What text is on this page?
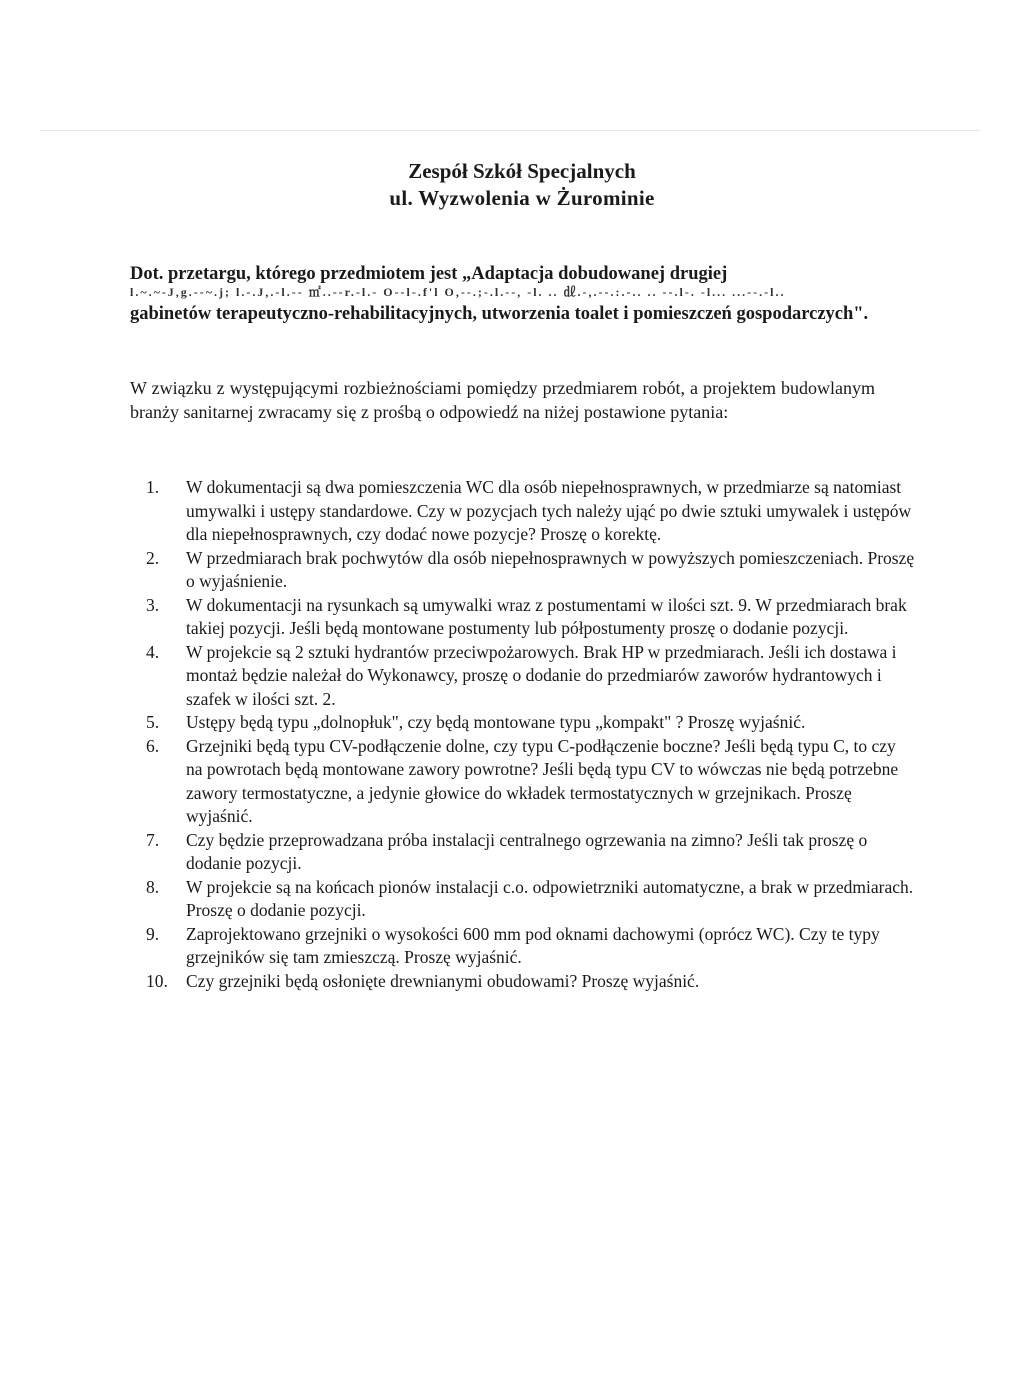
Zespół Szkół Specjalnych
ul. Wyzwolenia w Żurominie
Dot. przetargu, którego przedmiotem jest „Adaptacja dobudowanej drugiej
l.~.~-J,g.--~.j; l.-.J,.-l.-- ㎡..--r.-l.- O--l-.f'l O,--.;-.l.--, -l. .. ㎗.-,.--.:.-.. .. --.l-. -l... ...--.-l..
gabinetów terapeutyczno-rehabilitacyjnych, utworzenia toalet i pomieszczeń gospodarczych".
W związku z występującymi rozbieżnościami pomiędzy przedmiarem robót, a projektem budowlanym branży sanitarnej zwracamy się z prośbą o odpowiedź na niżej postawione pytania:
1.	W dokumentacji są dwa pomieszczenia WC dla osób niepełnosprawnych, w przedmiarze są natomiast umywalki i ustępy standardowe. Czy w pozycjach tych należy ująć po dwie sztuki umywalek i ustępów dla niepełnosprawnych, czy dodać nowe pozycje? Proszę o korektę.
2.	W przedmiarach brak pochwytów dla osób niepełnosprawnych w powyższych pomieszczeniach. Proszę o wyjaśnienie.
3.	W dokumentacji na rysunkach są umywalki wraz z postumentami w ilości szt. 9. W przedmiarach brak takiej pozycji. Jeśli będą montowane postumenty lub półpostumenty proszę o dodanie pozycji.
4.	W projekcie są 2 sztuki hydrantów przeciwpożarowych. Brak HP w przedmiarach. Jeśli ich dostawa i montaż będzie należał do Wykonawcy, proszę o dodanie do przedmiarów zaworów hydrantowych i szafek w ilości szt. 2.
5.	Ustępy będą typu „dolnopłuk", czy będą montowane typu „kompakt" ? Proszę wyjaśnić.
6.	Grzejniki będą typu CV-podłączenie dolne, czy typu C-podłączenie boczne? Jeśli będą typu C, to czy na powrotach będą montowane zawory powrotne? Jeśli będą typu CV to wówczas nie będą potrzebne zawory termostatyczne, a jedynie głowice do wkładek termostatycznych w grzejnikach. Proszę wyjaśnić.
7.	Czy będzie przeprowadzana próba instalacji centralnego ogrzewania na zimno? Jeśli tak proszę o dodanie pozycji.
8.	W projekcie są na końcach pionów instalacji c.o. odpowietrzniki automatyczne, a brak w przedmiarach. Proszę o dodanie pozycji.
9.	Zaprojektowano grzejniki o wysokości 600 mm pod oknami dachowymi (oprócz WC). Czy te typy grzejników się tam zmieszczą. Proszę wyjaśnić.
10.	Czy grzejniki będą osłonięte drewnianymi obudowami? Proszę wyjaśnić.
